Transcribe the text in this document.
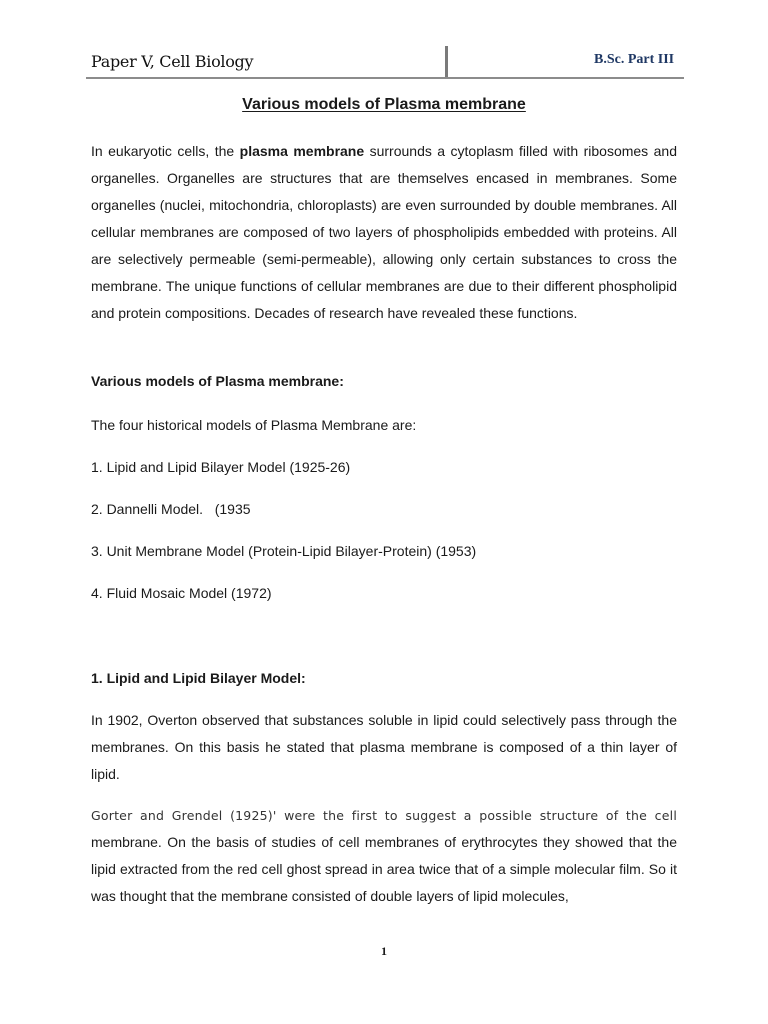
Paper V, Cell Biology	B.Sc. Part III
Various models of Plasma membrane

In eukaryotic cells, the plasma membrane surrounds a cytoplasm filled with ribosomes and organelles. Organelles are structures that are themselves encased in membranes. Some organelles (nuclei, mitochondria, chloroplasts) are even surrounded by double membranes. All cellular membranes are composed of two layers of phospholipids embedded with proteins. All are selectively permeable (semi-permeable), allowing only certain substances to cross the membrane. The unique functions of cellular membranes are due to their different phospholipid and protein compositions. Decades of research have revealed these functions.

Various models of Plasma membrane:
The four historical models of Plasma Membrane are:
1. Lipid and Lipid Bilayer Model (1925-26)
2. Dannelli Model.   (1935
3. Unit Membrane Model (Protein-Lipid Bilayer-Protein) (1953)
4. Fluid Mosaic Model (1972)
1. Lipid and Lipid Bilayer Model:

In 1902, Overton observed that substances soluble in lipid could selectively pass through the membranes. On this basis he stated that plasma membrane is composed of a thin layer of lipid.

Gorter and Grendel (1925)' were the first to suggest a possible structure of the cell membrane. On the basis of studies of cell membranes of erythrocytes they showed that the lipid extracted from the red cell ghost spread in area twice that of a simple molecular film. So it was thought that the membrane consisted of double layers of lipid molecules,

1
